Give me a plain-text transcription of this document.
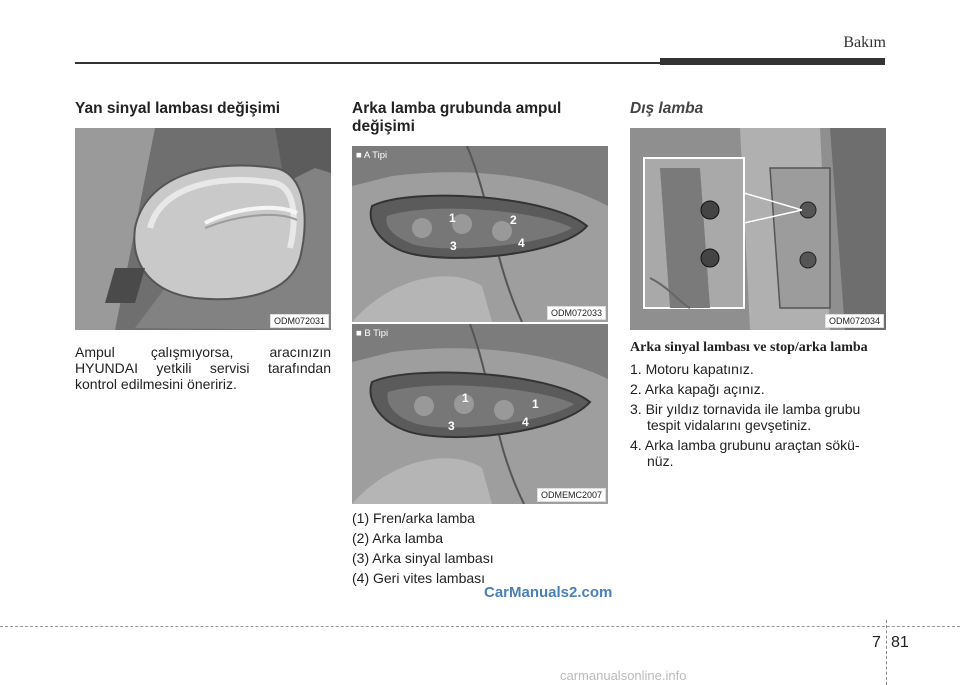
Bakım
Yan sinyal lambası değişimi
ODM072031

Ampul çalışmıyorsa, aracınızın HYUNDAI yetkili servisi tarafından kontrol edilmesini öneririz.

Arka lamba grubunda ampul
değişimi
1	2
3	4
■ A Tipi
ODM072033
1	1
3	4
■ B Tipi
ODMEMC2007
(1) Fren/arka lamba
(2) Arka lamba
(3) Arka sinyal lambası
(4) Geri vites lambası
Dış lamba
ODM072034
Arka sinyal lambası ve stop/arka lamba
1. Motoru kapatınız.
2. Arka kapağı açınız.
3. Bir yıldız tornavida ile lamba grubu tespit vidalarını gevşetiniz.
4. Arka lamba grubunu araçtan sökü- nüz.
CarManuals2.com
7 81
carmanualsonline.info
